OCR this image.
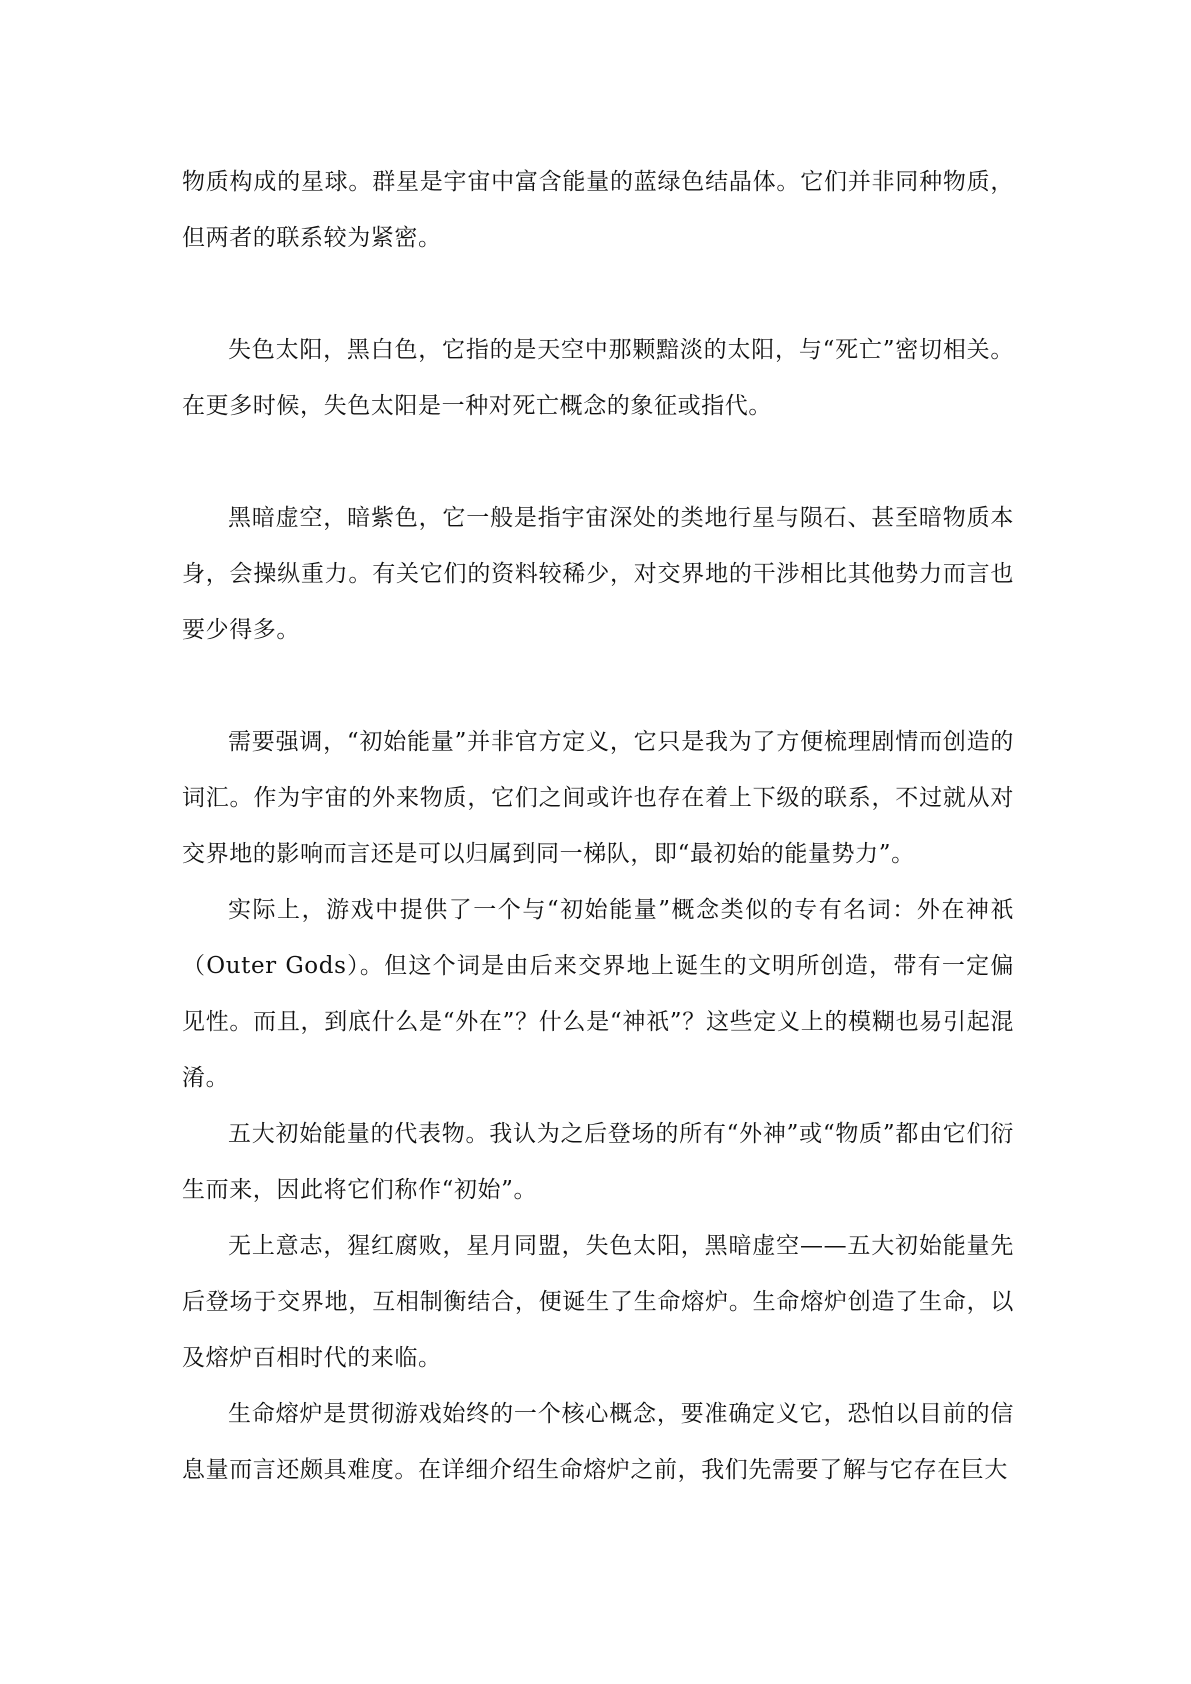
物质构成的星球。群星是宇宙中富含能量的蓝绿色结晶体。它们并非同种物质，但两者的联系较为紧密。

失色太阳，黑白色，它指的是天空中那颗黯淡的太阳，与“死亡”密切相关。在更多时候，失色太阳是一种对死亡概念的象征或指代。

黑暗虚空，暗紫色，它一般是指宇宙深处的类地行星与陨石、甚至暗物质本身，会操纵重力。有关它们的资料较稀少，对交界地的干涉相比其他势力而言也要少得多。

需要强调，“初始能量”并非官方定义，它只是我为了方便梳理剧情而创造的词汇。作为宇宙的外来物质，它们之间或许也存在着上下级的联系，不过就从对交界地的影响而言还是可以归属到同一梯队，即“最初始的能量势力”。

实际上，游戏中提供了一个与“初始能量”概念类似的专有名词：外在神祇（Outer Gods）。但这个词是由后来交界地上诞生的文明所创造，带有一定偏见性。而且，到底什么是“外在”？什么是“神祇”？这些定义上的模糊也易引起混淆。

五大初始能量的代表物。我认为之后登场的所有“外神”或“物质”都由它们衍生而来，因此将它们称作“初始”。

无上意志，猩红腐败，星月同盟，失色太阳，黑暗虚空——五大初始能量先后登场于交界地，互相制衡结合，便诞生了生命熔炉。生命熔炉创造了生命，以及熔炉百相时代的来临。

生命熔炉是贯彻游戏始终的一个核心概念，要准确定义它，恐怕以目前的信息量而言还颇具难度。在详细介绍生命熔炉之前，我们先需要了解与它存在巨大
